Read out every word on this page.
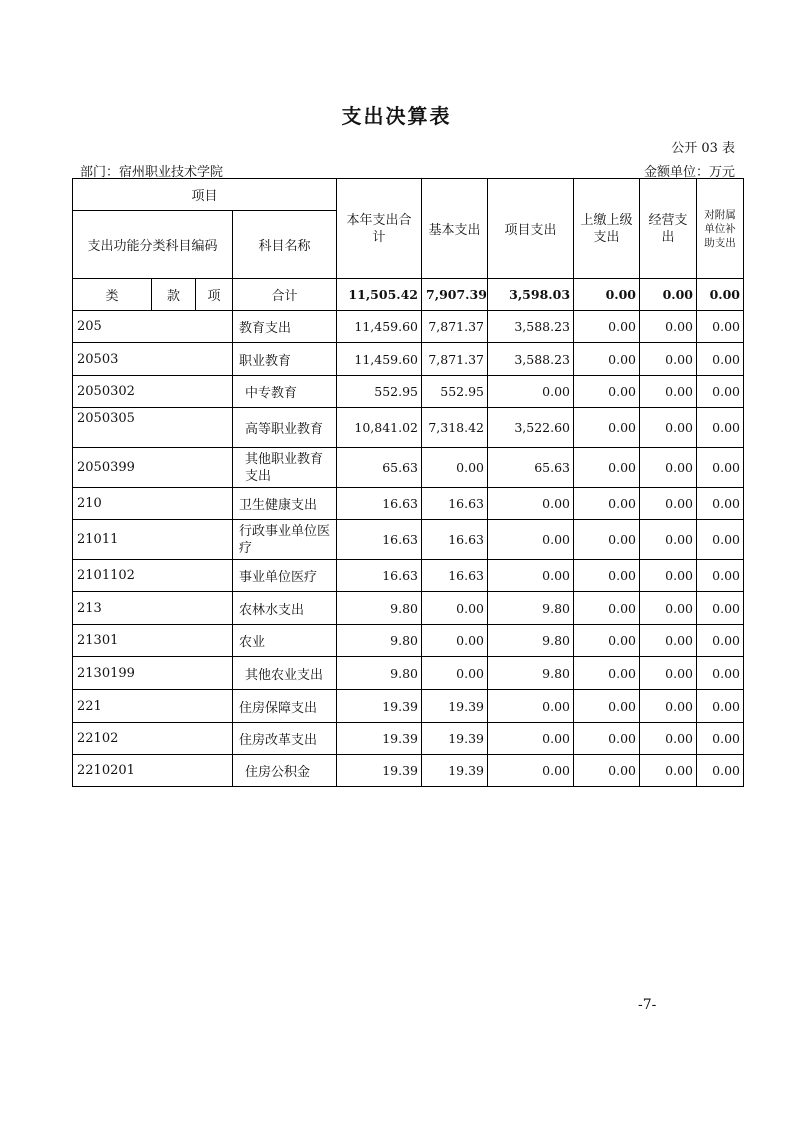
支出决算表
公开 03 表
部门：宿州职业技术学院	金额单位：万元
项目				本年支出合计	基本支出	项目支出	上缴上级支出	经营支出	对附属单位补助支出
支出功能分类科目编码			科目名称						
类	款	项	合计	11,505.42	7,907.39	3,598.03	0.00	0.00	0.00
205			教育支出	11,459.60	7,871.37	3,588.23	0.00	0.00	0.00
20503			职业教育	11,459.60	7,871.37	3,588.23	0.00	0.00	0.00
2050302			中专教育	552.95	552.95	0.00	0.00	0.00	0.00
2050305			高等职业教育	10,841.02	7,318.42	3,522.60	0.00	0.00	0.00
2050399			其他职业教育支出	65.63	0.00	65.63	0.00	0.00	0.00
210			卫生健康支出	16.63	16.63	0.00	0.00	0.00	0.00
21011			行政事业单位医疗	16.63	16.63	0.00	0.00	0.00	0.00
2101102			事业单位医疗	16.63	16.63	0.00	0.00	0.00	0.00
213			农林水支出	9.80	0.00	9.80	0.00	0.00	0.00
21301			农业	9.80	0.00	9.80	0.00	0.00	0.00
2130199			其他农业支出	9.80	0.00	9.80	0.00	0.00	0.00
221			住房保障支出	19.39	19.39	0.00	0.00	0.00	0.00
22102			住房改革支出	19.39	19.39	0.00	0.00	0.00	0.00
2210201			住房公积金	19.39	19.39	0.00	0.00	0.00	0.00
-7-
